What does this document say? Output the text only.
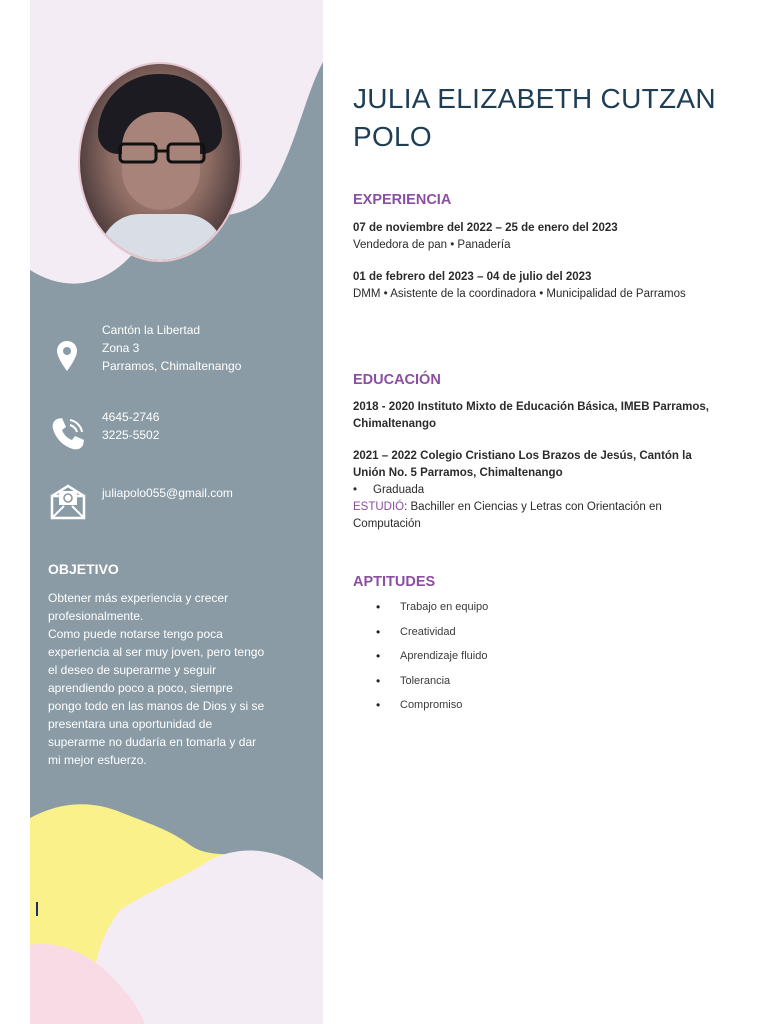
Cantón la Libertad
Zona 3
Parramos, Chimaltenango
4645-2746
3225-5502
juliapolo055@gmail.com
OBJETIVO
Obtener más experiencia y crecer profesionalmente.
Como puede notarse tengo poca experiencia al ser muy joven, pero tengo el deseo de superarme y seguir aprendiendo poco a poco, siempre pongo todo en las manos de Dios y si se presentara una oportunidad de superarme no dudaría en tomarla y dar mi mejor esfuerzo.
JULIA ELIZABETH CUTZAN
POLO
EXPERIENCIA
07 de noviembre del 2022 – 25 de enero del 2023
Vendedora de pan • Panadería
01 de febrero del 2023 – 04 de julio del 2023
DMM • Asistente de la coordinadora • Municipalidad de Parramos
EDUCACIÓN
2018 - 2020 Instituto Mixto de Educación Básica, IMEB Parramos, Chimaltenango
2021 – 2022 Colegio Cristiano Los Brazos de Jesús, Cantón la Unión No. 5 Parramos, Chimaltenango
•     Graduada
ESTUDIÓ: Bachiller en Ciencias y Letras con Orientación en Computación
APTITUDES
• Trabajo en equipo
• Creatividad
• Aprendizaje fluido
• Tolerancia
• Compromiso
